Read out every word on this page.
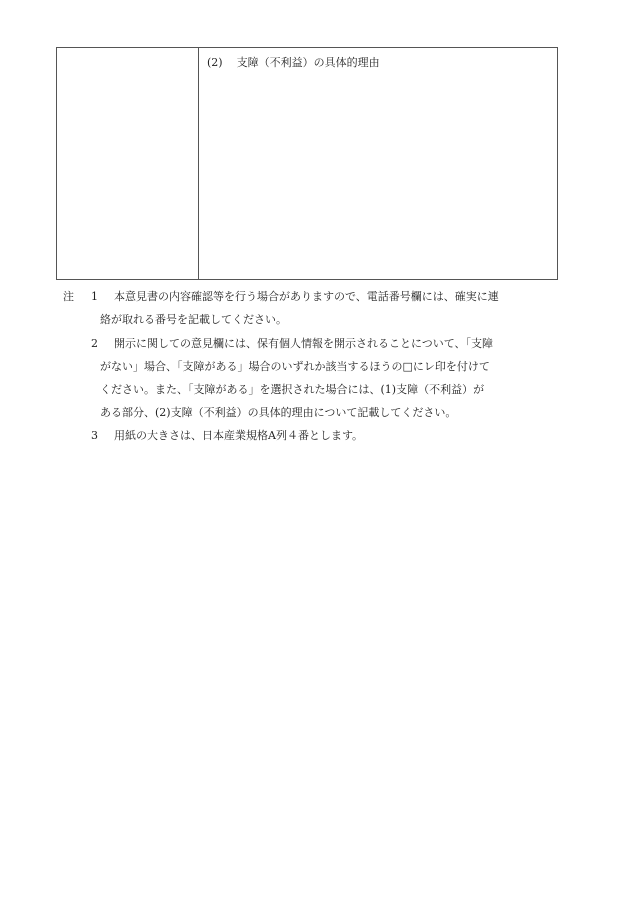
(2) 支障（不利益）の具体的理由
注 1 本意見書の内容確認等を行う場合がありますので、電話番号欄には、確実に連
絡が取れる番号を記載してください。
2 開示に関しての意見欄には、保有個人情報を開示されることについて、「支障
がない」場合、「支障がある」場合のいずれか該当するほうの□にレ印を付けて
ください。また、「支障がある」を選択された場合には、(1)支障（不利益）が
ある部分、(2)支障（不利益）の具体的理由について記載してください。
3 用紙の大きさは、日本産業規格A列４番とします。
